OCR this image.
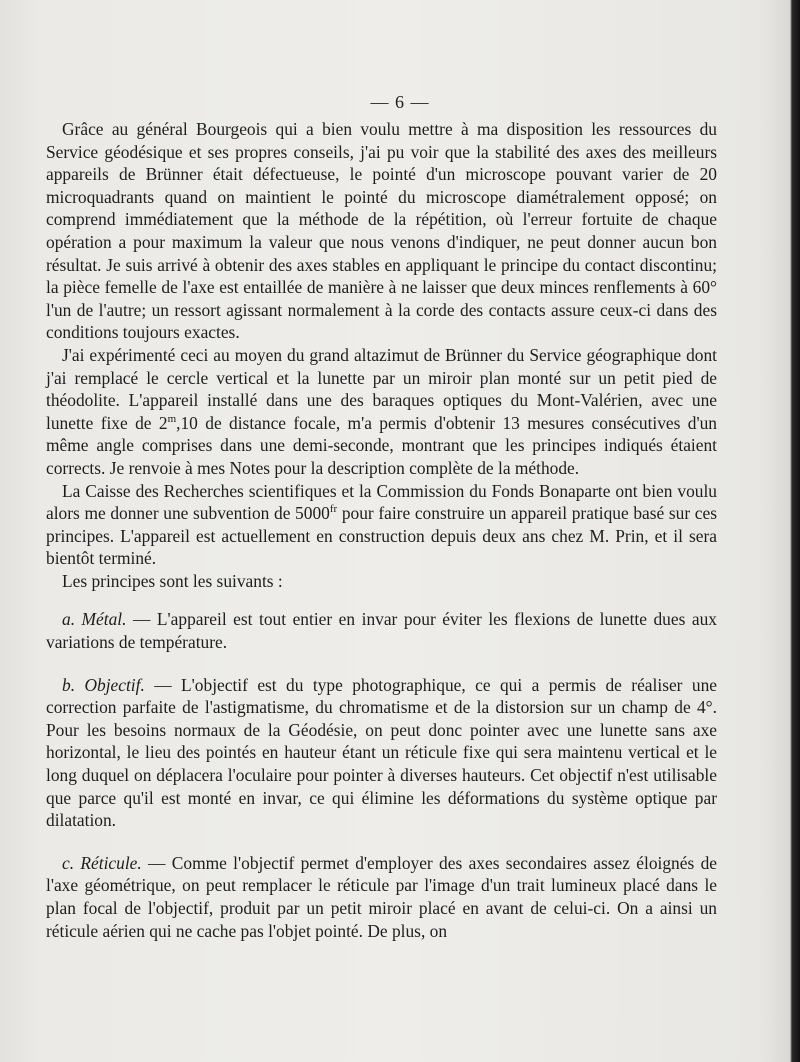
— 6 —

Grâce au général Bourgeois qui a bien voulu mettre à ma disposition les ressources du Service géodésique et ses propres conseils, j'ai pu voir que la stabilité des axes des meilleurs appareils de Brünner était défectueuse, le pointé d'un microscope pouvant varier de 20 microquadrants quand on maintient le pointé du microscope diamétralement opposé; on comprend immédiatement que la méthode de la répétition, où l'erreur fortuite de chaque opération a pour maximum la valeur que nous venons d'indiquer, ne peut donner aucun bon résultat. Je suis arrivé à obtenir des axes stables en appliquant le principe du contact discontinu; la pièce femelle de l'axe est entaillée de manière à ne laisser que deux minces renflements à 60° l'un de l'autre; un ressort agissant normalement à la corde des contacts assure ceux-ci dans des conditions toujours exactes.

J'ai expérimenté ceci au moyen du grand altazimut de Brünner du Service géographique dont j'ai remplacé le cercle vertical et la lunette par un miroir plan monté sur un petit pied de théodolite. L'appareil installé dans une des baraques optiques du Mont-Valérien, avec une lunette fixe de 2$^m$,10 de distance focale, m'a permis d'obtenir 13 mesures consécutives d'un même angle comprises dans une demi-seconde, montrant que les principes indiqués étaient corrects. Je renvoie à mes Notes pour la description complète de la méthode.

La Caisse des Recherches scientifiques et la Commission du Fonds Bonaparte ont bien voulu alors me donner une subvention de $5000^{fr}$ pour faire construire un appareil pratique basé sur ces principes. L'appareil est actuellement en construction depuis deux ans chez M. Prin, et il sera bientôt terminé.

Les principes sont les suivants :

a. Métal. — L'appareil est tout entier en invar pour éviter les flexions de lunette dues aux variations de température.

b. Objectif. — L'objectif est du type photographique, ce qui a permis de réaliser une correction parfaite de l'astigmatisme, du chromatisme et de la distorsion sur un champ de 4°. Pour les besoins normaux de la Géodésie, on peut donc pointer avec une lunette sans axe horizontal, le lieu des pointés en hauteur étant un réticule fixe qui sera maintenu vertical et le long duquel on déplacera l'oculaire pour pointer à diverses hauteurs. Cet objectif n'est utilisable que parce qu'il est monté en invar, ce qui élimine les déformations du système optique par dilatation.

c. Réticule. — Comme l'objectif permet d'employer des axes secondaires assez éloignés de l'axe géométrique, on peut remplacer le réticule par l'image d'un trait lumineux placé dans le plan focal de l'objectif, produit par un petit miroir placé en avant de celui-ci. On a ainsi un réticule aérien qui ne cache pas l'objet pointé. De plus, on
